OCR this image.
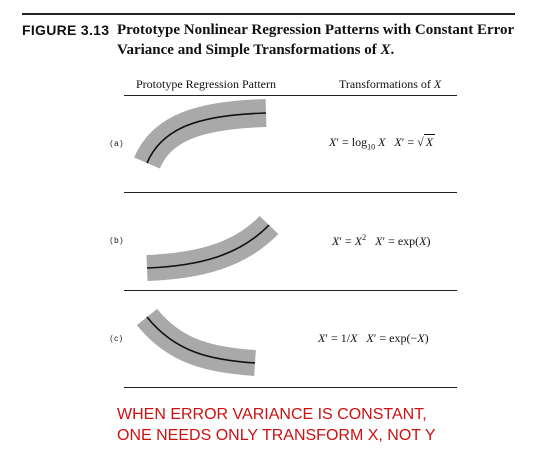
FIGURE 3.13 Prototype Nonlinear Regression Patterns with Constant Error Variance and Simple Transformations of X.
Prototype Regression Pattern	Transformations of X
(a)
(b)
(c)
$X' = \log_{10} X$ X′ = √ X
$X' = X^2$ X′ = exp(X)
X′ = 1/X X′ = exp(−X)
WHEN ERROR VARIANCE IS CONSTANT,
ONE NEEDS ONLY TRANSFORM X, NOT Y
